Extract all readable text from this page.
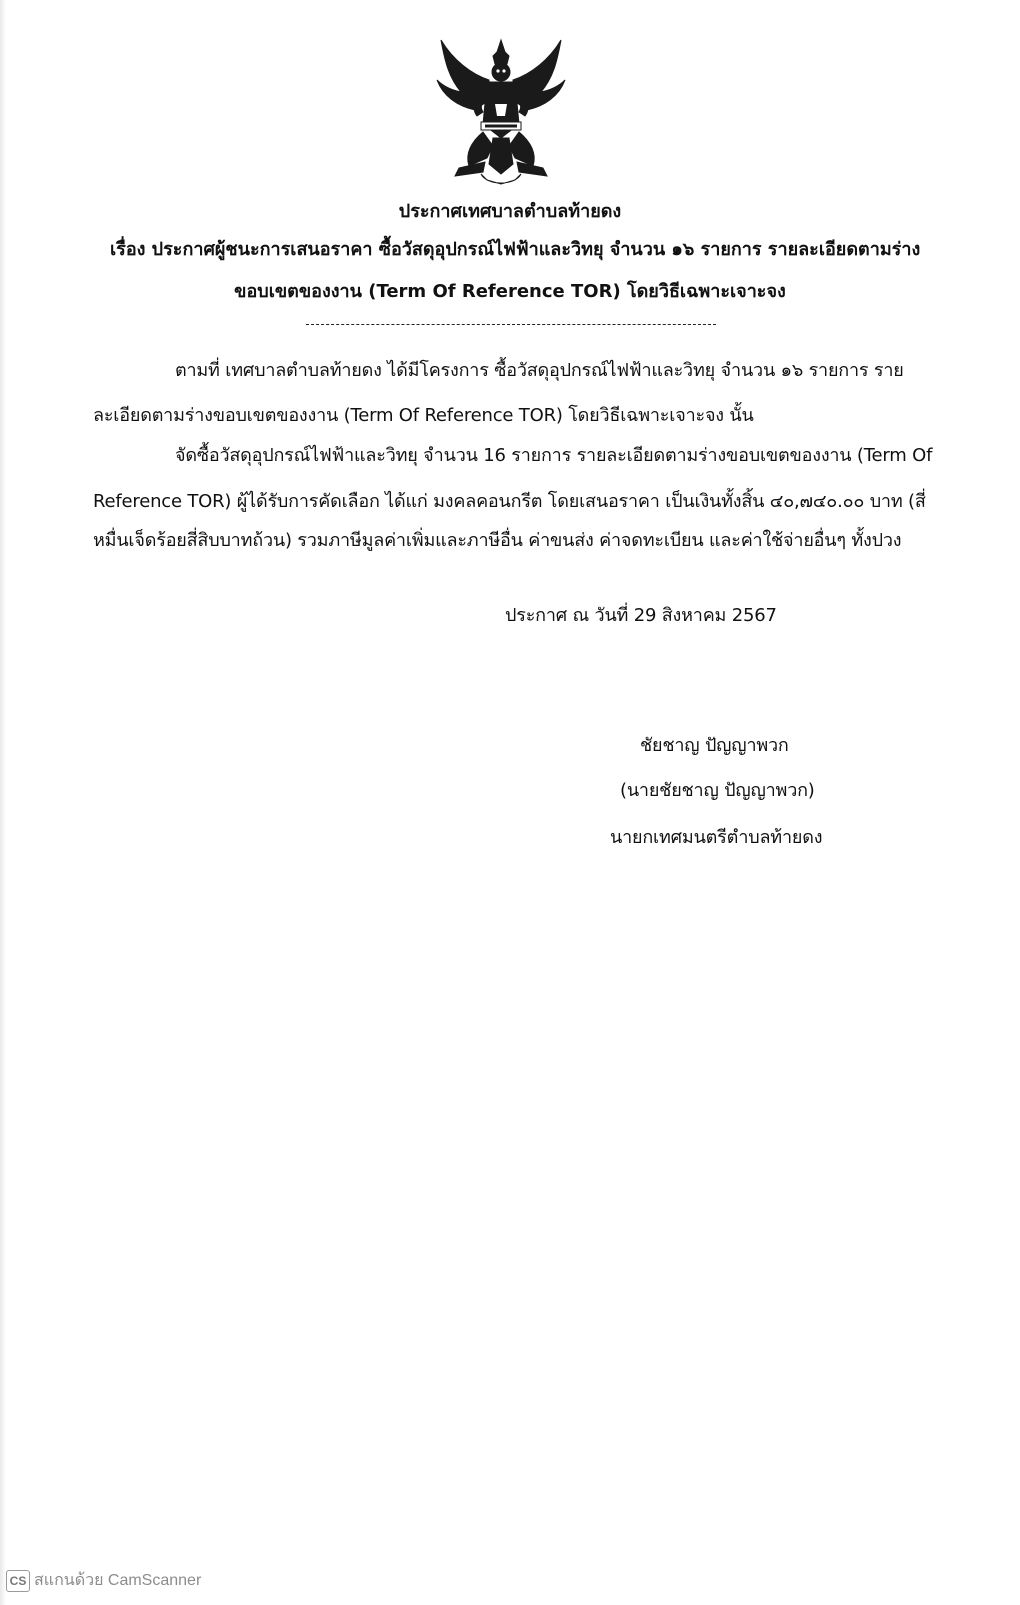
ประกาศเทศบาลตำบลท้ายดง
เรื่อง ประกาศผู้ชนะการเสนอราคา ซื้อวัสดุอุปกรณ์ไฟฟ้าและวิทยุ จำนวน ๑๖ รายการ รายละเอียดตามร่าง
ขอบเขตของงาน (Term Of Reference TOR) โดยวิธีเฉพาะเจาะจง
ตามที่ เทศบาลตำบลท้ายดง ได้มีโครงการ ซื้อวัสดุอุปกรณ์ไฟฟ้าและวิทยุ จำนวน ๑๖ รายการ ราย
ละเอียดตามร่างขอบเขตของงาน (Term Of Reference TOR) โดยวิธีเฉพาะเจาะจง นั้น
จัดซื้อวัสดุอุปกรณ์ไฟฟ้าและวิทยุ จำนวน 16 รายการ รายละเอียดตามร่างขอบเขตของงาน (Term Of
Reference TOR) ผู้ได้รับการคัดเลือก ได้แก่ มงคลคอนกรีต โดยเสนอราคา เป็นเงินทั้งสิ้น ๔๐,๗๔๐.๐๐ บาท (สี่
หมื่นเจ็ดร้อยสี่สิบบาทถ้วน) รวมภาษีมูลค่าเพิ่มและภาษีอื่น ค่าขนส่ง ค่าจดทะเบียน และค่าใช้จ่ายอื่นๆ ทั้งปวง
ประกาศ ณ วันที่ 29 สิงหาคม 2567
ชัยชาญ ปัญญาพวก
(นายชัยชาญ ปัญญาพวก)
นายกเทศมนตรีตำบลท้ายดง
CS สแกนด้วย CamScanner
